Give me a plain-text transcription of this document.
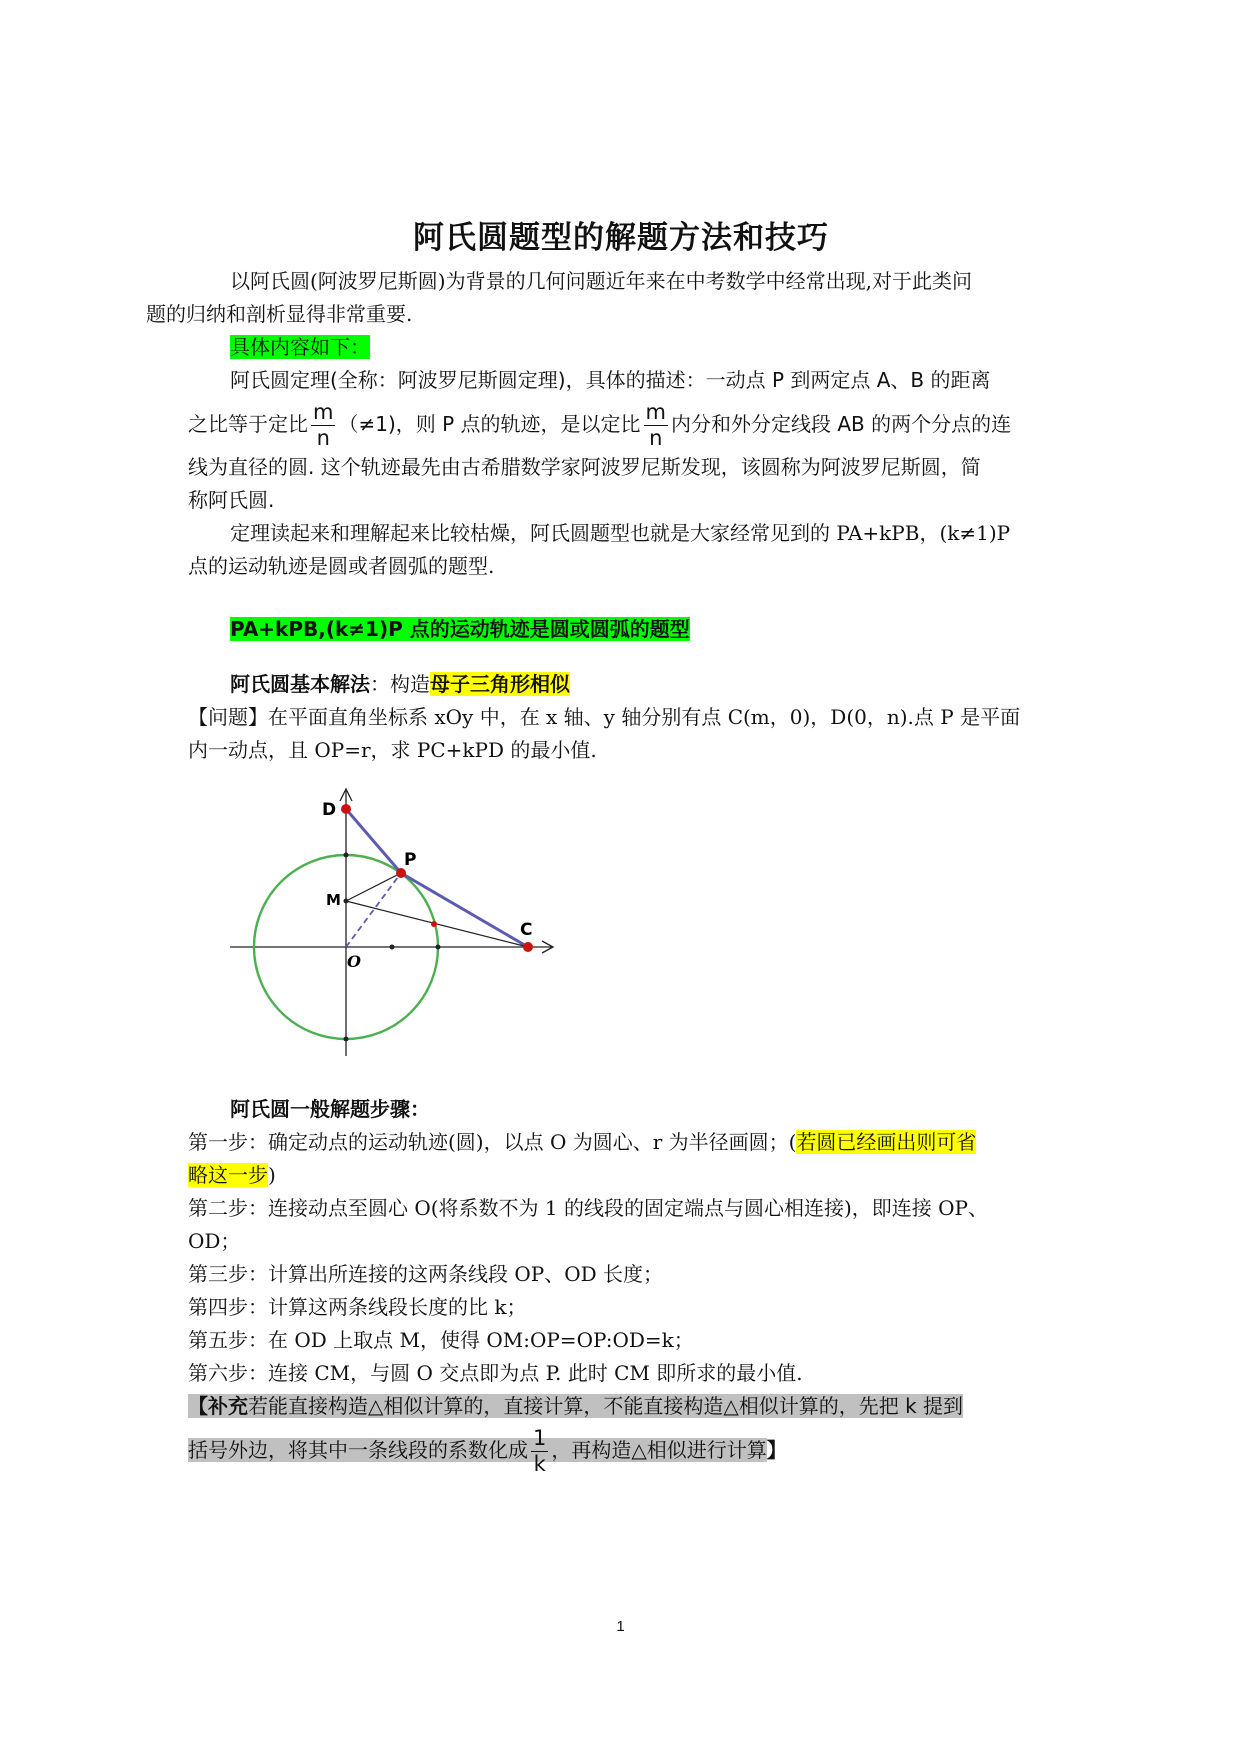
阿氏圆题型的解题方法和技巧

以阿氏圆(阿波罗尼斯圆)为背景的几何问题近年来在中考数学中经常出现,对于此类问
题的归纳和剖析显得非常重要.

具体内容如下：

阿氏圆定理(全称：阿波罗尼斯圆定理)，具体的描述：一动点 P 到两定点 A、B 的距离

之比等于定比 $\frac{m}{n} (\ne 1)$，则 P 点的轨迹，是以定比 $\frac{m}{n}$ 内分和外分定线段 AB 的两个分点的连

线为直径的圆. 这个轨迹最先由古希腊数学家阿波罗尼斯发现，该圆称为阿波罗尼斯圆，简

称阿氏圆.

定理读起来和理解起来比较枯燥，阿氏圆题型也就是大家经常见到的 PA+kPB，(k≠1)P

点的运动轨迹是圆或者圆弧的题型.

PA+kPB,(k≠1)P 点的运动轨迹是圆或圆弧的题型

阿氏圆基本解法：构造母子三角形相似

【问题】在平面直角坐标系 xOy 中，在 x 轴、y 轴分别有点 C(m，0)，D(0，n).点 P 是平面

内一动点，且 OP=r，求 PC+kPD 的最小值.

D
P
M
C
O

阿氏圆一般解题步骤：

第一步：确定动点的运动轨迹(圆)，以点 O 为圆心、r 为半径画圆；(若圆已经画出则可省
略这一步)

第二步：连接动点至圆心 O(将系数不为 1 的线段的固定端点与圆心相连接)，即连接 OP、
OD；

第三步：计算出所连接的这两条线段 OP、OD 长度；

第四步：计算这两条线段长度的比 k；

第五步：在 OD 上取点 M，使得 OM:OP=OP:OD=k；

第六步：连接 CM，与圆 O 交点即为点 P. 此时 CM 即所求的最小值.

【补充若能直接构造△相似计算的，直接计算，不能直接构造△相似计算的，先把 k 提到

括号外边，将其中一条线段的系数化成 $\frac{1}{k}$ ，再构造△相似进行计算】

1
